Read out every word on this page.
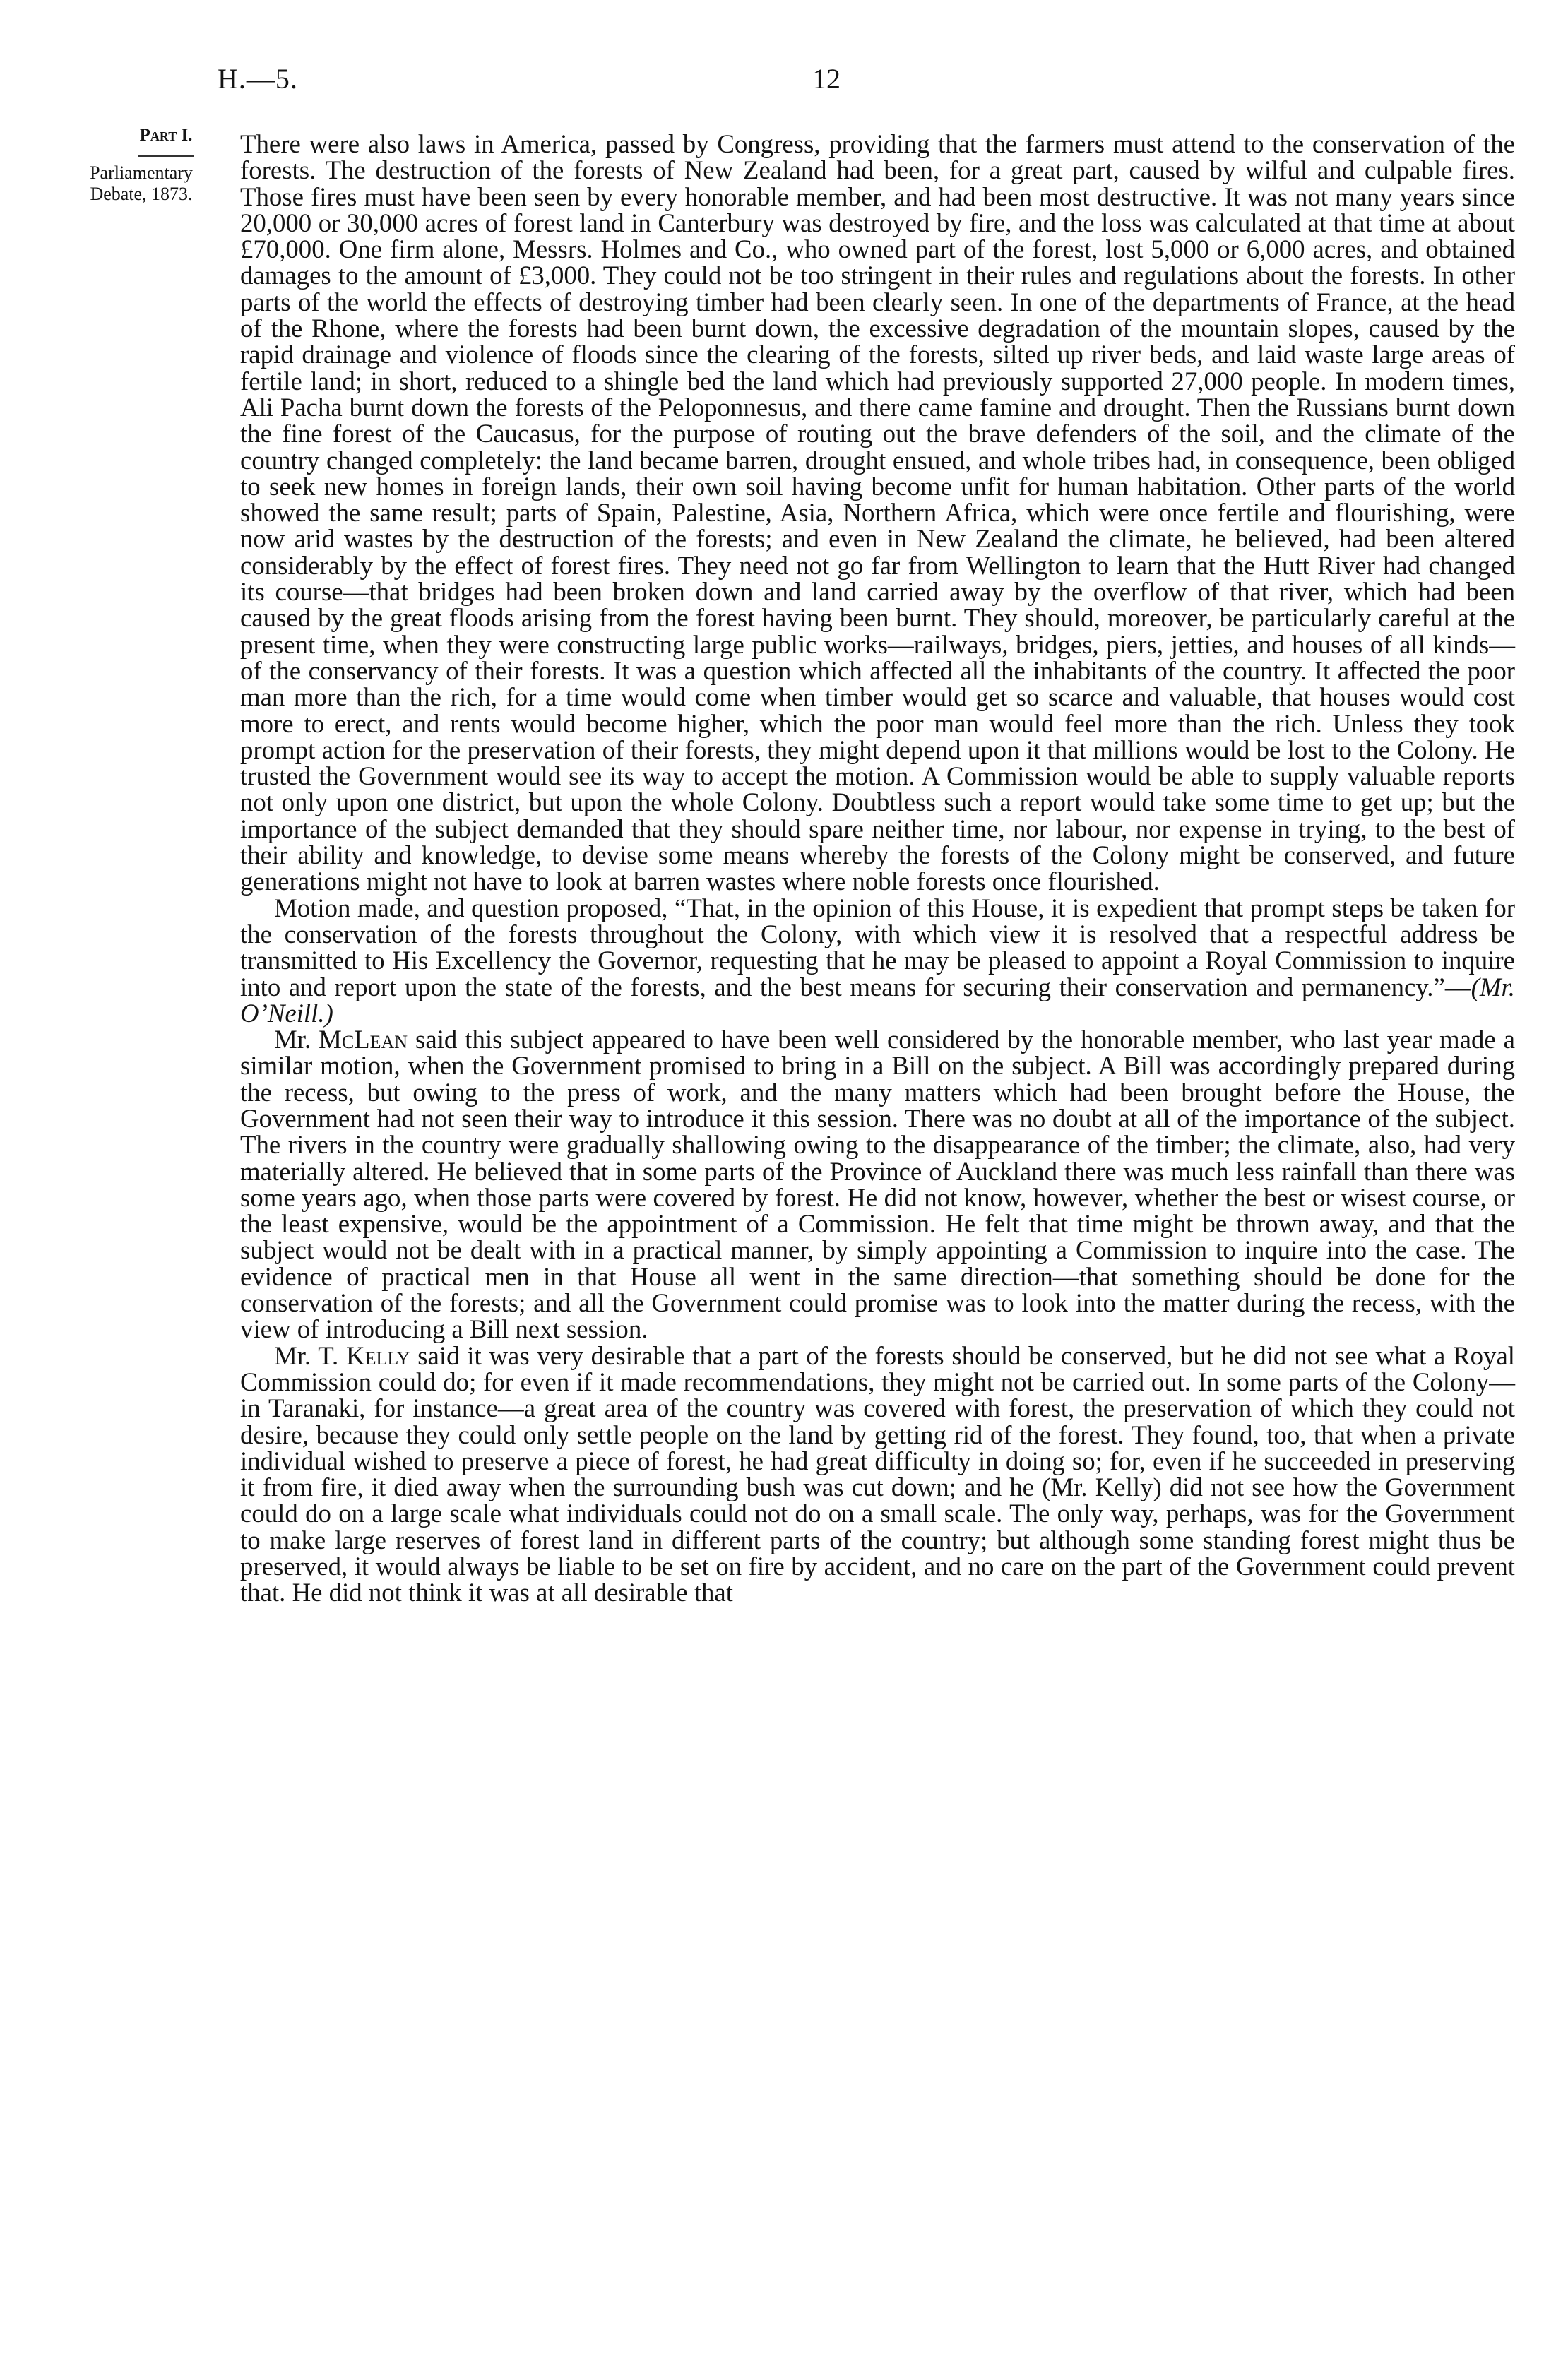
H.—5.	12
Part I.
Parliamentary
Debate, 1873.

There were also laws in America, passed by Congress, providing that the farmers must attend to the conservation of the forests. The destruction of the forests of New Zealand had been, for a great part, caused by wilful and culpable fires. Those fires must have been seen by every honorable member, and had been most destructive. It was not many years since 20,000 or 30,000 acres of forest land in Canterbury was destroyed by fire, and the loss was calculated at that time at about £70,000. One firm alone, Messrs. Holmes and Co., who owned part of the forest, lost 5,000 or 6,000 acres, and obtained damages to the amount of £3,000. They could not be too stringent in their rules and regulations about the forests. In other parts of the world the effects of destroying timber had been clearly seen. In one of the departments of France, at the head of the Rhone, where the forests had been burnt down, the excessive degradation of the mountain slopes, caused by the rapid drainage and violence of floods since the clearing of the forests, silted up river beds, and laid waste large areas of fertile land; in short, reduced to a shingle bed the land which had previously supported 27,000 people. In modern times, Ali Pacha burnt down the forests of the Peloponnesus, and there came famine and drought. Then the Russians burnt down the fine forest of the Caucasus, for the purpose of routing out the brave defenders of the soil, and the climate of the country changed completely: the land became barren, drought ensued, and whole tribes had, in consequence, been obliged to seek new homes in foreign lands, their own soil having become unfit for human habitation. Other parts of the world showed the same result; parts of Spain, Palestine, Asia, Northern Africa, which were once fertile and flourishing, were now arid wastes by the destruction of the forests; and even in New Zealand the climate, he believed, had been altered considerably by the effect of forest fires. They need not go far from Wellington to learn that the Hutt River had changed its course—that bridges had been broken down and land carried away by the overflow of that river, which had been caused by the great floods arising from the forest having been burnt. They should, moreover, be particularly careful at the present time, when they were constructing large public works—railways, bridges, piers, jetties, and houses of all kinds—of the conservancy of their forests. It was a question which affected all the inhabitants of the country. It affected the poor man more than the rich, for a time would come when timber would get so scarce and valuable, that houses would cost more to erect, and rents would become higher, which the poor man would feel more than the rich. Unless they took prompt action for the preservation of their forests, they might depend upon it that millions would be lost to the Colony. He trusted the Government would see its way to accept the motion. A Commission would be able to supply valuable reports not only upon one district, but upon the whole Colony. Doubtless such a report would take some time to get up; but the importance of the subject demanded that they should spare neither time, nor labour, nor expense in trying, to the best of their ability and knowledge, to devise some means whereby the forests of the Colony might be conserved, and future generations might not have to look at barren wastes where noble forests once flourished.

Motion made, and question proposed, “That, in the opinion of this House, it is expedient that prompt steps be taken for the conservation of the forests throughout the Colony, with which view it is resolved that a respectful address be transmitted to His Excellency the Governor, requesting that he may be pleased to appoint a Royal Commission to inquire into and report upon the state of the forests, and the best means for securing their conservation and permanency.”—(Mr. O’Neill.)

Mr. McLean said this subject appeared to have been well considered by the honorable member, who last year made a similar motion, when the Government promised to bring in a Bill on the subject. A Bill was accordingly prepared during the recess, but owing to the press of work, and the many matters which had been brought before the House, the Government had not seen their way to introduce it this session. There was no doubt at all of the importance of the subject. The rivers in the country were gradually shallowing owing to the disappearance of the timber; the climate, also, had very materially altered. He believed that in some parts of the Province of Auckland there was much less rainfall than there was some years ago, when those parts were covered by forest. He did not know, however, whether the best or wisest course, or the least expensive, would be the appointment of a Commission. He felt that time might be thrown away, and that the subject would not be dealt with in a practical manner, by simply appointing a Commission to inquire into the case. The evidence of practical men in that House all went in the same direction—that something should be done for the conservation of the forests; and all the Government could promise was to look into the matter during the recess, with the view of introducing a Bill next session.

Mr. T. Kelly said it was very desirable that a part of the forests should be conserved, but he did not see what a Royal Commission could do; for even if it made recommendations, they might not be carried out. In some parts of the Colony—in Taranaki, for instance—a great area of the country was covered with forest, the preservation of which they could not desire, because they could only settle people on the land by getting rid of the forest. They found, too, that when a private individual wished to preserve a piece of forest, he had great difficulty in doing so; for, even if he succeeded in preserving it from fire, it died away when the surrounding bush was cut down; and he (Mr. Kelly) did not see how the Government could do on a large scale what individuals could not do on a small scale. The only way, perhaps, was for the Government to make large reserves of forest land in different parts of the country; but although some standing forest might thus be preserved, it would always be liable to be set on fire by accident, and no care on the part of the Government could prevent that. He did not think it was at all desirable that
